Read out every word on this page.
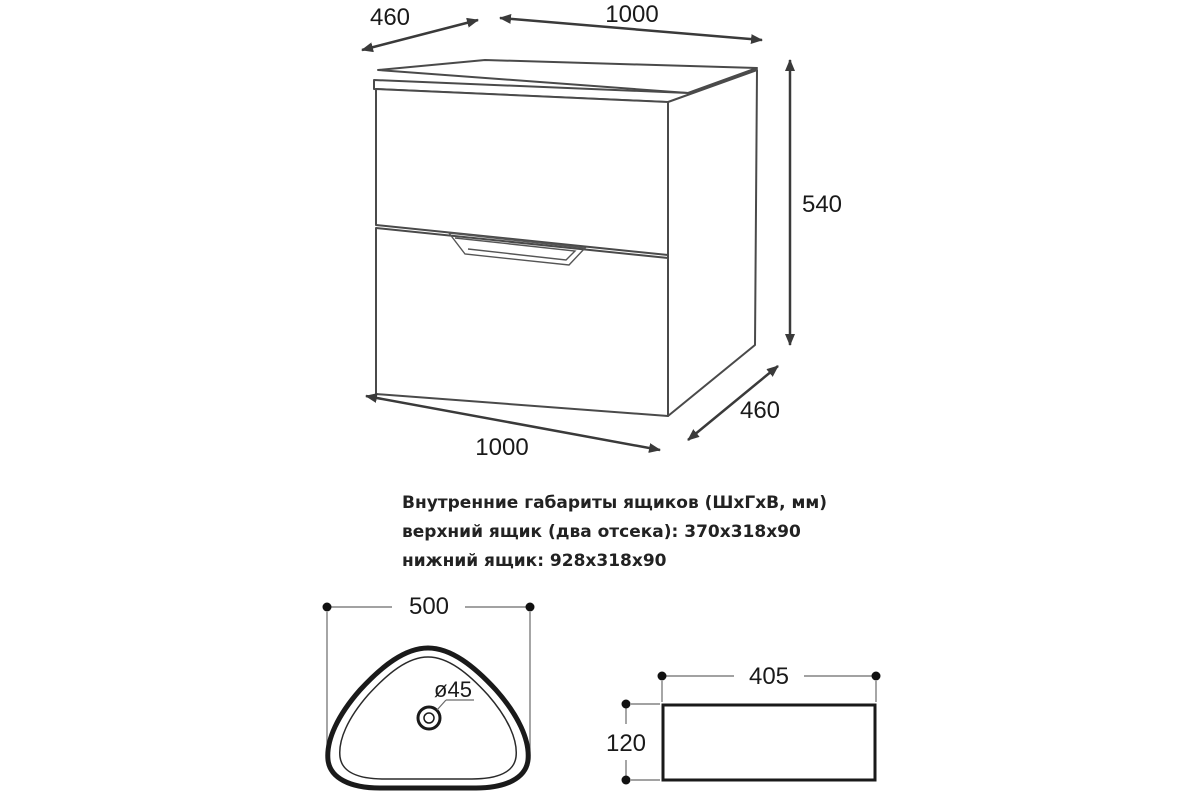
460	1000
540
1000
460
Внутренние габариты ящиков (ШхГхВ, мм)
верхний ящик (два отсека): 370х318х90
нижний ящик: 928х318х90
500
ø45	405
120
